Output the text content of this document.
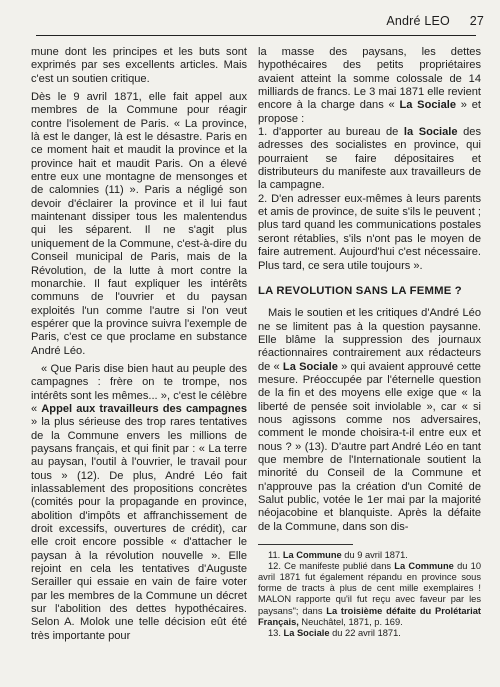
André LEO 27

mune dont les principes et les buts sont exprimés par ses excellents articles. Mais c'est un soutien critique.

Dès le 9 avril 1871, elle fait appel aux membres de la Commune pour réagir contre l'isolement de Paris. « La province, là est le danger, là est le désastre. Paris en ce moment hait et maudit la province et la province hait et maudit Paris. On a élevé entre eux une montagne de mensonges et de calomnies (11) ». Paris a négligé son devoir d'éclairer la province et il lui faut maintenant dissiper tous les malentendus qui les séparent. Il ne s'agit plus uniquement de la Commune, c'est-à-dire du Conseil municipal de Paris, mais de la Révolution, de la lutte à mort contre la monarchie. Il faut expliquer les intérêts communs de l'ouvrier et du paysan exploités l'un comme l'autre si l'on veut espérer que la province suivra l'exemple de Paris, c'est ce que proclame en substance André Léo.

« Que Paris dise bien haut au peuple des campagnes : frère on te trompe, nos intérêts sont les mêmes... », c'est le célèbre « Appel aux travailleurs des campagnes » la plus sérieuse des trop rares tentatives de la Commune envers les millions de paysans français, et qui finit par : « La terre au paysan, l'outil à l'ouvrier, le travail pour tous » (12). De plus, André Léo fait inlassablement des propositions concrètes (comités pour la propagande en province, abolition d'impôts et affranchissement de droit excessifs, ouvertures de crédit), car elle croit encore possible « d'attacher le paysan à la révolution nouvelle ». Elle rejoint en cela les tentatives d'Auguste Serailler qui essaie en vain de faire voter par les membres de la Commune un décret sur l'abolition des dettes hypothécaires. Selon A. Molok une telle décision eût été très importante pour

la masse des paysans, les dettes hypothécaires des petits propriétaires avaient atteint la somme colossale de 14 milliards de francs. Le 3 mai 1871 elle revient encore à la charge dans « La Sociale » et propose :

1. d'apporter au bureau de la Sociale des adresses des socialistes en province, qui pourraient se faire dépositaires et distributeurs du manifeste aux travailleurs de la campagne.

2. D'en adresser eux-mêmes à leurs parents et amis de province, de suite s'ils le peuvent ; plus tard quand les communications postales seront rétablies, s'ils n'ont pas le moyen de faire autrement. Aujourd'hui c'est nécessaire. Plus tard, ce sera utile toujours ».

LA REVOLUTION SANS LA FEMME ?

Mais le soutien et les critiques d'André Léo ne se limitent pas à la question paysanne. Elle blâme la suppression des journaux réactionnaires contrairement aux rédacteurs de « La Sociale » qui avaient approuvé cette mesure. Préoccupée par l'éternelle question de la fin et des moyens elle exige que « la liberté de pensée soit inviolable », car « si nous agissons comme nos adversaires, comment le monde choisira-t-il entre eux et nous ? » (13). D'autre part André Léo en tant que membre de l'Internationale soutient la minorité du Conseil de la Commune et n'approuve pas la création d'un Comité de Salut public, votée le 1er mai par la majorité néojacobine et blanquiste. Après la défaite de la Commune, dans son dis-

11. La Commune du 9 avril 1871.

12. Ce manifeste publié dans La Commune du 10 avril 1871 fut également répandu en province sous forme de tracts à plus de cent mille exemplaires ! MALON rapporte qu'il fut reçu avec faveur par les paysans"; dans La troisième défaite du Prolétariat Français, Neuchâtel, 1871, p. 169.

13. La Sociale du 22 avril 1871.
